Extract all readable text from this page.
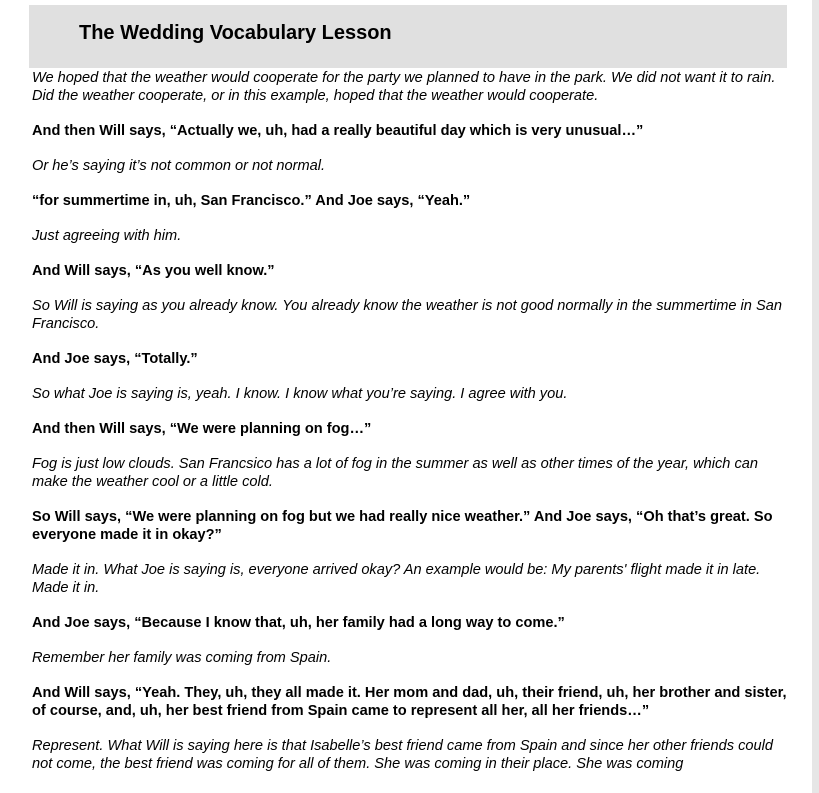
The Wedding Vocabulary Lesson

We hoped that the weather would cooperate for the party we planned to have in the park. We did not want it to rain. Did the weather cooperate, or in this example, hoped that the weather would cooperate.

And then Will says, “Actually we, uh, had a really beautiful day which is very unusual…”

Or he’s saying it’s not common or not normal.

“for summertime in, uh, San Francisco.” And Joe says, “Yeah.”

Just agreeing with him.

And Will says, “As you well know.”

So Will is saying as you already know. You already know the weather is not good normally in the summertime in San Francisco.

And Joe says, “Totally.”

So what Joe is saying is, yeah. I know. I know what you’re saying. I agree with you.

And then Will says, “We were planning on fog…”

Fog is just low clouds. San Francsico has a lot of fog in the summer as well as other times of the year, which can make the weather cool or a little cold.

So Will says, “We were planning on fog but we had really nice weather.” And Joe says, “Oh that’s great. So everyone made it in okay?”

Made it in. What Joe is saying is, everyone arrived okay? An example would be: My parents' flight made it in late. Made it in.

And Joe says, “Because I know that, uh, her family had a long way to come.”

Remember her family was coming from Spain.

And Will says, “Yeah. They, uh, they all made it. Her mom and dad, uh, their friend, uh, her brother and sister, of course, and, uh, her best friend from Spain came to represent all her, all her friends…”

Represent. What Will is saying here is that Isabelle’s best friend came from Spain and since her other friends could not come, the best friend was coming for all of them. She was coming in their place. She was coming
